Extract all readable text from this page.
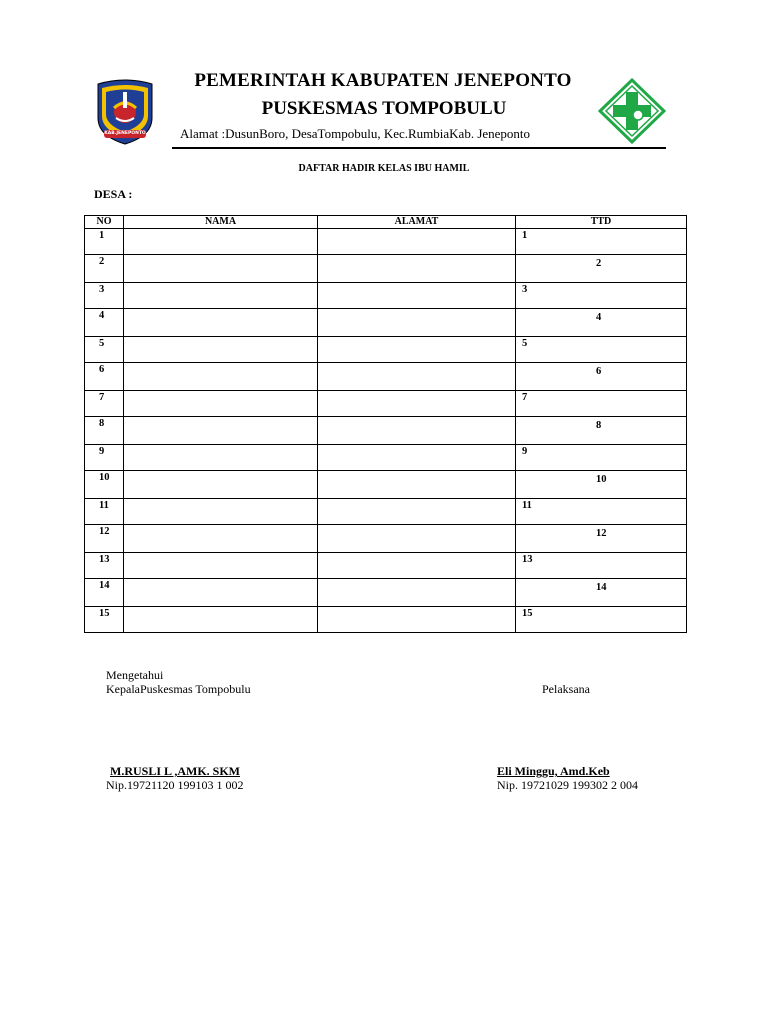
KAB.JENEPONTO
PEMERINTAH KABUPATEN JENEPONTO
PUSKESMAS TOMPOBULU
Alamat :DusunBoro, DesaTompobulu, Kec.RumbiaKab. Jeneponto
DAFTAR HADIR KELAS IBU HAMIL
DESA :
NO	NAMA	ALAMAT	TTD
1			1
2			2
3			3
4			4
5			5
6			6
7			7
8			8
9			9
10			10
11			11
12			12
13			13
14			14
15			15
Mengetahui
KepalaPuskesmas Tompobulu	Pelaksana
M.RUSLI L ,AMK. SKM
Nip.19721120 199103 1 002
Eli Minggu, Amd.Keb
Nip. 19721029 199302 2 004
